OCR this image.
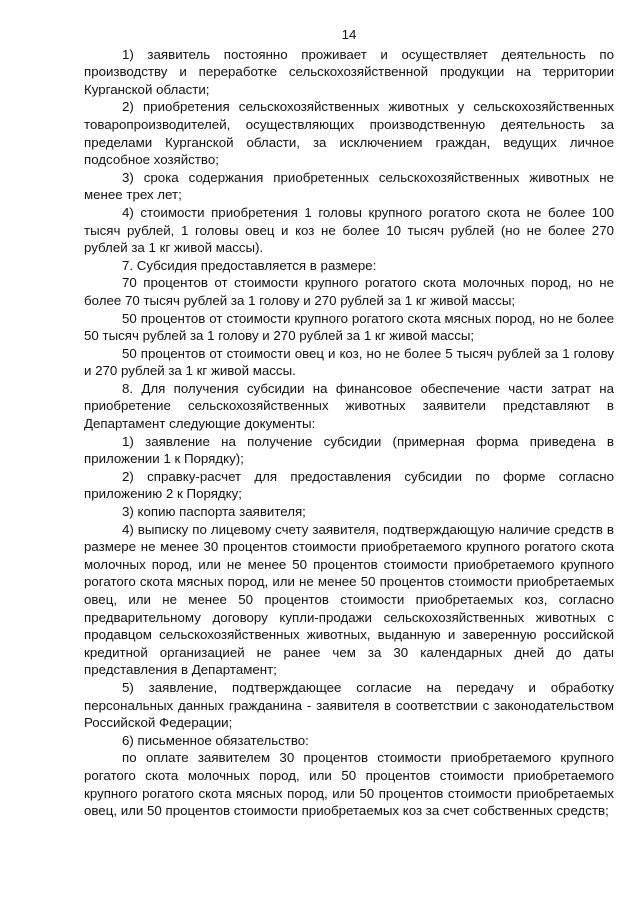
14

1) заявитель постоянно проживает и осуществляет деятельность по производству и переработке сельскохозяйственной продукции на территории Курганской области;

2) приобретения сельскохозяйственных животных у сельскохозяйственных товаропроизводителей, осуществляющих производственную деятельность за пределами Курганской области, за исключением граждан, ведущих личное подсобное хозяйство;

3) срока содержания приобретенных сельскохозяйственных животных не менее трех лет;

4) стоимости приобретения 1 головы крупного рогатого скота не более 100 тысяч рублей, 1 головы овец и коз не более 10 тысяч рублей (но не более 270 рублей за 1 кг живой массы).

7. Субсидия предоставляется в размере:

70 процентов от стоимости крупного рогатого скота молочных пород, но не более 70 тысяч рублей за 1 голову и 270 рублей за 1 кг живой массы;

50 процентов от стоимости крупного рогатого скота мясных пород, но не более 50 тысяч рублей за 1 голову и 270 рублей за 1 кг живой массы;

50 процентов от стоимости овец и коз, но не более 5 тысяч рублей за 1 голову и 270 рублей за 1 кг живой массы.

8. Для получения субсидии на финансовое обеспечение части затрат на приобретение сельскохозяйственных животных заявители представляют в Департамент следующие документы:

1) заявление на получение субсидии (примерная форма приведена в приложении 1 к Порядку);

2) справку-расчет для предоставления субсидии по форме согласно приложению 2 к Порядку;

3) копию паспорта заявителя;

4) выписку по лицевому счету заявителя, подтверждающую наличие средств в размере не менее 30 процентов стоимости приобретаемого крупного рогатого скота молочных пород, или не менее 50 процентов стоимости приобретаемого крупного рогатого скота мясных пород, или не менее 50 процентов стоимости приобретаемых овец, или не менее 50 процентов стоимости приобретаемых коз, согласно предварительному договору купли-продажи сельскохозяйственных животных с продавцом сельскохозяйственных животных, выданную и заверенную российской кредитной организацией не ранее чем за 30 календарных дней до даты представления в Департамент;

5) заявление, подтверждающее согласие на передачу и обработку персональных данных гражданина - заявителя в соответствии с законодательством Российской Федерации;

6) письменное обязательство:

по оплате заявителем 30 процентов стоимости приобретаемого крупного рогатого скота молочных пород, или 50 процентов стоимости приобретаемого крупного рогатого скота мясных пород, или 50 процентов стоимости приобретаемых овец, или 50 процентов стоимости приобретаемых коз за счет собственных средств;
